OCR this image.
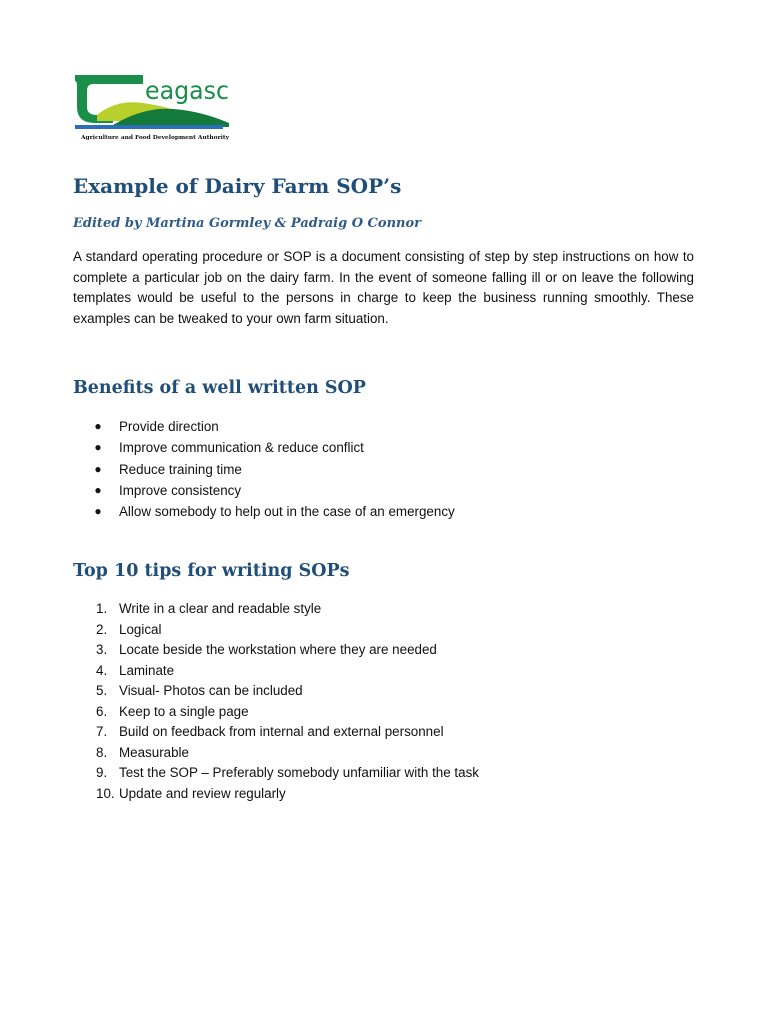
eagasc
Agriculture and Food Development Authority
Example of Dairy Farm SOP’s

Edited by Martina Gormley & Padraig O Connor

A standard operating procedure or SOP is a document consisting of step by step instructions on how to complete a particular job on the dairy farm. In the event of someone falling ill or on leave the following templates would be useful to the persons in charge to keep the business running smoothly. These examples can be tweaked to your own farm situation.

Benefits of a well written SOP
● Provide direction
● Improve communication & reduce conflict
● Reduce training time
● Improve consistency
● Allow somebody to help out in the case of an emergency
Top 10 tips for writing SOPs
1. Write in a clear and readable style
2. Logical
3. Locate beside the workstation where they are needed
4. Laminate
5. Visual- Photos can be included
6. Keep to a single page
7. Build on feedback from internal and external personnel
8. Measurable
9. Test the SOP – Preferably somebody unfamiliar with the task
10. Update and review regularly
